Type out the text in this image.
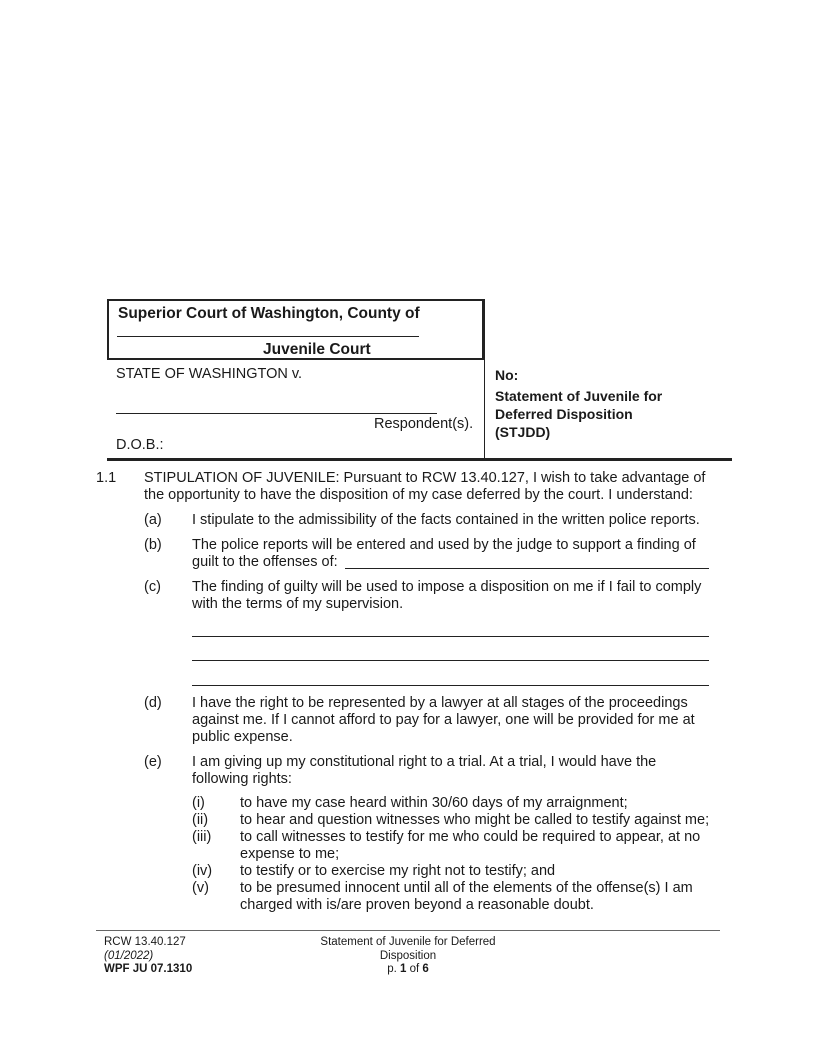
Superior Court of Washington, County of
Juvenile Court
STATE OF WASHINGTON v.
Respondent(s).
D.O.B.:
No:
Statement of Juvenile for
Deferred Disposition
(STJDD)
1.1 STIPULATION OF JUVENILE: Pursuant to RCW 13.40.127, I wish to take advantage of
the opportunity to have the disposition of my case deferred by the court. I understand:
(a) I stipulate to the admissibility of the facts contained in the written police reports.
(b) The police reports will be entered and used by the judge to support a finding of
guilt to the offenses of:
(c) The finding of guilty will be used to impose a disposition on me if I fail to comply
with the terms of my supervision.
(d) I have the right to be represented by a lawyer at all stages of the proceedings
against me. If I cannot afford to pay for a lawyer, one will be provided for me at
public expense.
(e) I am giving up my constitutional right to a trial. At a trial, I would have the
following rights:
(i) to have my case heard within 30/60 days of my arraignment;
(ii) to hear and question witnesses who might be called to testify against me;
(iii) to call witnesses to testify for me who could be required to appear, at no
expense to me;
(iv) to testify or to exercise my right not to testify; and
(v) to be presumed innocent until all of the elements of the offense(s) I am
charged with is/are proven beyond a reasonable doubt.
RCW 13.40.127
(01/2022)
WPF JU 07.1310
Statement of Juvenile for Deferred
Disposition
p. 1 of 6
